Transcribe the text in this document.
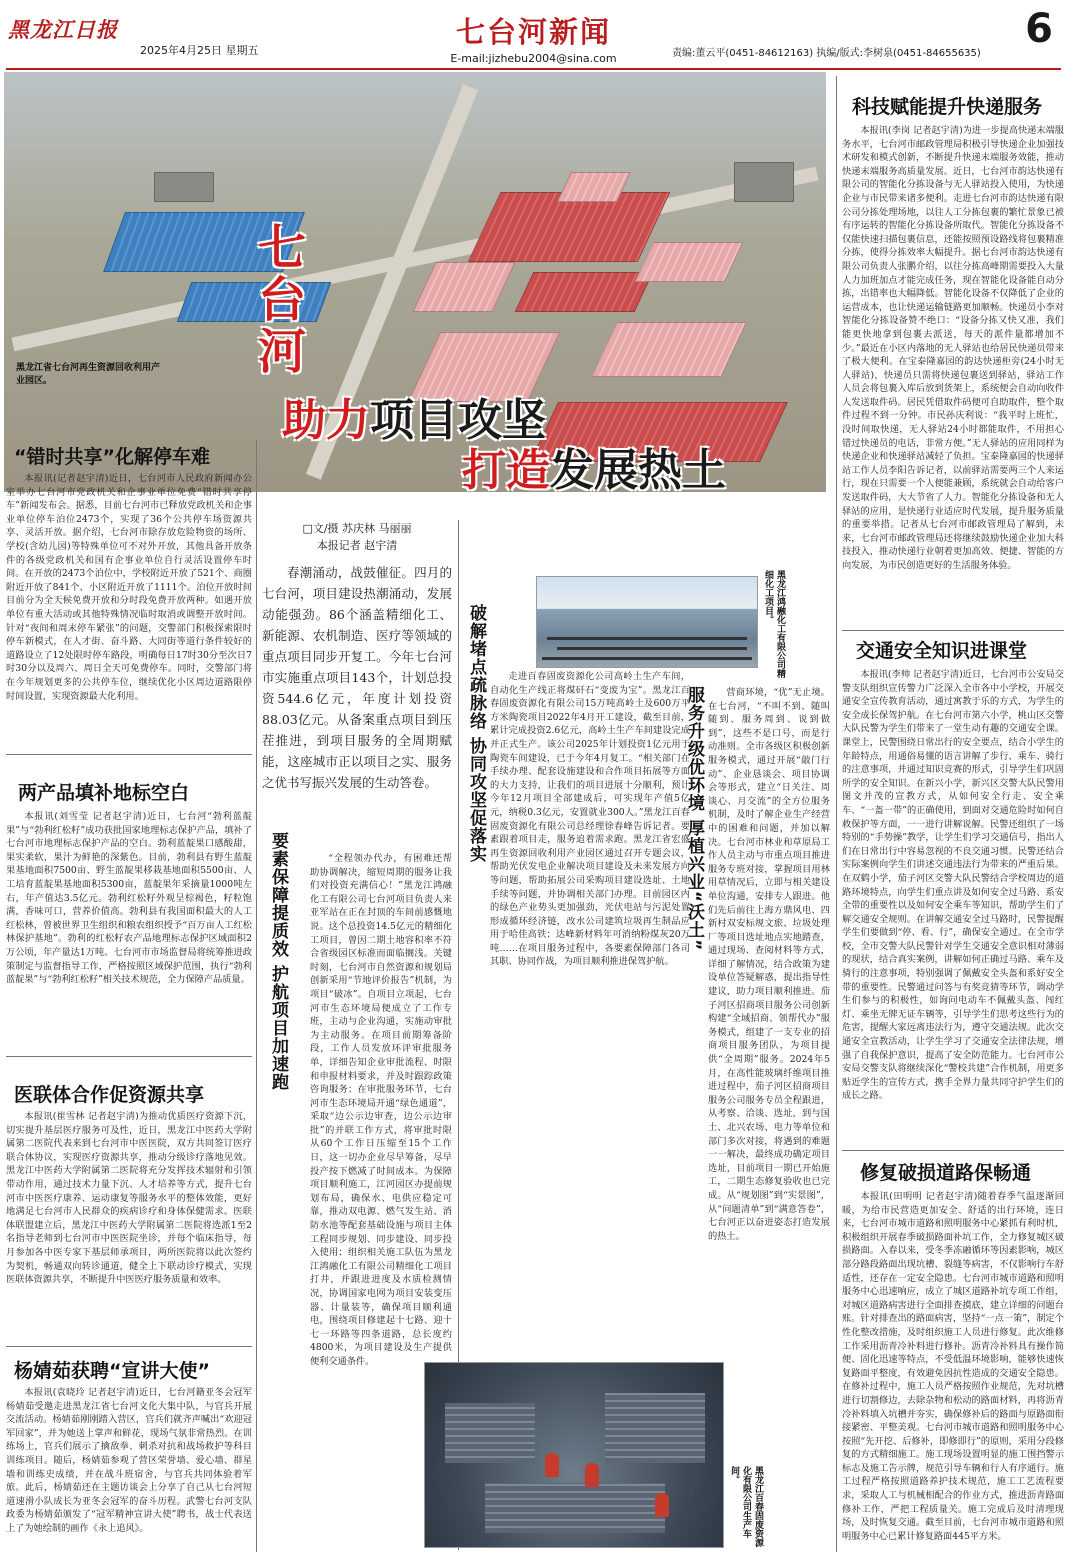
黑龙江日报
2025年4月25日 星期五
七台河新闻
E-mail:jizhebu2004@sina.com	责编:董云平(0451-84612163) 执编/版式:李树泉(0451-84655635)
6
黑龙江省七台河再生资源回收利用产业园区。
七台河
助力项目攻坚
打造发展热土
“错时共享”化解停车难

本报讯(记者赵宇清)近日，七台河市人民政府新闻办公室举办七台河市党政机关和企事业单位免费“错时共享停车”新闻发布会。据悉，目前七台河市已释放党政机关和企事业单位停车泊位2473个，实现了36个公共停车场资源共享、灵活开放。据介绍，七台河市除存放危险物资的场所、学校(含幼儿园)等特殊单位可不对外开放，其他具备开放条件的各级党政机关和国有企事业单位自行灵活设置停车时间。在开放的2473个泊位中，学校附近开放了521个、商圈附近开放了841个、小区附近开放了1111个。泊位开放时间目前分为全天候免费开放和分时段免费开放两种。如遇开放单位有重大活动或其他特殊情况临时取消或调整开放时间。针对“夜间和周末停车紧张”的问题，交警部门积极探索限时停车新模式，在人才街、奋斗路、大同街等道行条件较好的道路设立了12处限时停车路段，明确每日17时30分至次日7时30分以及周六、周日全天可免费停车。同时，交警部门将在今年规划更多的公共停车位，继续优化小区周边道路限停时间设置，实现资源最大化利用。

两产品填补地标空白

本报讯(刘雪莹 记者赵宇清)近日，七台河“勃利蓝靛果”与“勃利红松籽”成功获批国家地理标志保护产品，填补了七台河市地理标志保护产品的空白。勃利蓝靛果口感酸甜，果实柔软，果汁为鲜艳的深紫色。目前，勃利县有野生蓝靛果基地面积7500亩、野生蓝靛果移栽基地面积5500亩、人工培育蓝靛果基地面积5300亩，蓝靛果年采摘量1000吨左右，年产值达3.5亿元。勃利红松籽外观呈棕褐色，籽粒饱满，香味可口，营养价值高。勃利县有我国面积最大的人工红松林，曾被世界卫生组织和粮农组织授予“百万亩人工红松林保护基地”。勃利的红松籽农产品地理标志保护区域面积2万公顷，年产量达1万吨。七台河市市场监督局将统筹推进政策制定与监督指导工作，严格按照区域保护范围，执行“勃利蓝靛果”与“勃利红松籽”相关技术规范，全力保障产品质量。

医联体合作促资源共享

本报讯(崔雪林 记者赵宇清)为推动优质医疗资源下沉，切实提升基层医疗服务可及性，近日，黑龙江中医药大学附属第二医院代表来到七台河市中医医院，双方共同签订医疗联合体协议，实现医疗资源共享，推动分级诊疗落地见效。黑龙江中医药大学附属第二医院将充分发挥技术辐射和引领带动作用，通过技术力量下沉、人才培养等方式，提升七台河市中医医疗康养、运动康复等服务水平的整体效能，更好地满足七台河市人民群众的疾病诊疗和身体保健需求。医联体联盟建立后，黑龙江中医药大学附属第二医院将选派1至2名指导老师到七台河市中医医院坐诊，并每个临床指导，每月参加各中医专家下基层师承项目，两所医院将以此次签约为契机，畅通双向转诊通道，健全上下联动诊疗模式，实现医联体资源共享，不断提升中医医疗服务质量和效率。

杨婧茹获聘“宣讲大使”

本报讯(袁晓玲 记者赵宇清)近日，七台河籍亚冬会冠军杨婧茹受邀走进黑龙江省七台河文化大集中队，与官兵开展交流活动。杨婧茹刚刚踏入营区，官兵们就齐声喊出“欢迎冠军回家”，并为她送上掌声和鲜花，现场气氛非常热烈。在训练场上，官兵们展示了擒敌拳、刺杀对抗和战场救护等科目训练项目。随后，杨婧茹参观了营区荣誉墙、爱心墙、群星墙和训练史成绩，并在战斗班宿舍，与官兵共同体验着军旅。此后，杨婧茹还在主题访谈会上分享了自己从七台河短道速滑小队成长为亚冬会冠军的奋斗历程。武警七台河支队政委为杨婧茹颁发了“冠军精神宣讲大使”聘书，战士代表送上了为她绘制的画作《永上追风》。

□文/摄 苏庆林 马丽丽
本报记者 赵宇清

春潮涌动，战鼓催征。四月的七台河，项目建设热潮涌动，发展动能强劲。86个涵盖精细化工、新能源、农机制造、医疗等领域的重点项目同步开复工。今年七台河市实施重点项目143个，计划总投资544.6亿元，年度计划投资88.03亿元。从备案重点项目到压茬推进，到项目服务的全周期赋能，这座城市正以项目之实、服务之优书写振兴发展的生动答卷。

要素保障提质效 护航项目加速跑	“全程领办代办，有困难还帮助协调解决，缩短周期的服务让我们对投资充满信心！”黑龙江鸿融化工有限公司七台河项目负责人来亚军站在正在封顶的车间前感慨地说。这个总投资14.5亿元的精细化工项目，曾因二期土地容积率不符合省级园区标准而面临搁浅。关键时刻，七台河市自然资源和规划局创新采用“节地评价报告”机制，为项目“破冰”。自项目立项起，七台河市生态环境局便成立了工作专班，主动与企业沟通，实施动审批为主动服务。在项目前期筹备阶段，工作人员发放环评审批服务单，详细告知企业审批流程、时限和申报材料要求，并及时跟踪政策咨询服务；在审批服务环节，七台河市生态环境局开通“绿色通道”，采取“边公示边审查，边公示边审批”的并联工作方式，将审批时限从60个工作日压缩至15个工作日，这一切办企业尽早筹备，尽早投产按下燃减了时间成本。为保障项目顺利施工，江河园区办提前规划布局，确保水、电供应稳定可靠，推动双电源、燃气发生站、消防水池等配套基础设施与项目主体工程同步规划、同步建设、同步投入使用；组织相关施工队伍为黑龙江鸿融化工有限公司精细化工项目打井，并跟进进度及水质检测情况，协调国家电网为项目安装变压器、计量装等，确保项目顺利通电，围绕项目修建起十七路、迎十七一环路等四条道路，总长度约4800米，为项目建设及生产提供便利交通条件。

黑龙江鸿融化工有限公司精细化工项目。
破解堵点疏脉络 协同攻坚促落实	走进百春固废资源化公司高岭土生产车间，自动化生产线正将煤矸石“变废为宝”。黑龙江百春固废资源化有限公司15万吨高岭土及600万平方米陶瓷项目2022年4月开工建设，截至目前，累计完成投资2.6亿元，高岭土生产车间建设完成并正式生产。该公司2025年计划投资1亿元用于陶瓷车间建设，已于今年4月复工。“相关部门在手续办理、配套设施建设和合作项目拓展等方面的大力支持，让我们的项目进展十分顺利，预计今年12月项目全部建成后，可实现年产值5亿元，纳税0.3亿元，安置就业300人。”黑龙江百春固废资源化有限公司总经理徐春峰告诉记者。要素跟着项目走，服务追着需求跑。黑龙江省宏盛再生资源回收利用产业园区通过召开专题会议，帮助光伏发电企业解决项目建设及未来发展方向等问题，帮助拓展公司采购项目建设选址、土地手续等问题，并协调相关部门办理。目前园区内的绿色产业势头更加强劲，光伏电站与污泥处置形成循环经济链，改水公司建筑垃圾再生制品应用于哈佳高铁；达峰新材料年可消纳粉煤灰20万吨……在项目服务过程中，各要素保障部门各司其职、协同作战，为项目顺利推进保驾护航。

服务升级优环境 厚植兴业“沃土”	营商环境，“优”无止境。在七台河，“不叫不到、随叫随到、服务周到、说到做到”，这些不是口号，而是行动准则。全市各级区积极创新服务模式，通过开展“敲门行动”、企业恳谈会、项目协调会等形式，建立“日关注、周谈心、月交流”的全方位服务机制，及时了解企业生产经营中的困难和问题，并加以解决。七台河市林业和草原局工作人员主动与市重点项目推进服务专班对接，掌握项目用林用草情况后，立即与相关建设单位沟通，安排专人跟进。他们先后前往上海方鼎风电、四新村双安标规文旅、垃圾处理厂等项目选址地点实地踏查，通过现场、查阅材料等方式，详细了解情况，结合政策为建设单位答疑解惑，提出指导性建议，助力项目顺利推进。茄子河区招商项目服务公司创新构建“全域招商、领帮代办”服务模式，组建了一支专业的招商项目服务团队，为项目提供“全周期”服务。2024年5月，在高性能玻璃纤维项目推进过程中，茄子河区招商项目服务公司服务专员全程跟进，从考察、洽谈、选址，到与国土、北兴农场、电力等单位和部门多次对接，将遇到的难题一一解决，最终成功确定项目选址，目前项目一期已开始施工，二期生态修复验收也已完成。从“规划图”到“实景图”，从“问题清单”到“满意答卷”，七台河正以奋进姿态打造发展的热土。

黑龙江百春固废资源化有限公司生产车间。
科技赋能提升快递服务

本报讯(李岗 记者赵宇清)为进一步提高快递末端服务水平，七台河市邮政管理局积极引导快递企业加强技术研发和模式创新，不断提升快递末端服务效能，推动快递末端服务高质量发展。近日，七台河市韵达快递有限公司的智能化分拣设备与无人驿站投入使用，为快递企业与市民带来诸多便利。走进七台河市韵达快递有限公司分拣处理场地，以往人工分拣包裹的繁忙景象已被有序运转的智能化分拣设备所取代。智能化分拣设备不仅能快速扫描包裹信息，还能按照预设路线将包裹精准分拣，使得分拣效率大幅提升。据七台河市韵达快递有限公司负责人张鹏介绍，以往分拣高峰期需要投入大量人力加班加点才能完成任务，现在智能化设备能自动分拣，出错率也大幅降低。智能化设备不仅降低了企业的运营成本，也让快递运输链路更加顺畅。快递员小李对智能化分拣设备赞不绝口：“设备分拣又快又准，我们能更快地拿到包裹去派送，每天的派件量都增加不少。”最近在小区内落地的无人驿站也给居民快递员带来了极大便利。在宝泰隆嘉园的韵达快递柜旁(24小时无人驿站)，快递员只需将快递包裹送到驿站，驿站工作人员会将包裹入库后放到货架上，系统便会自动向收件人发送取件码。居民凭借取件码便可自助取件，整个取件过程不到一分钟。市民孙庆利说：“我平时上班忙，没时间取快递，无人驿站24小时都能取件，不用担心错过快递员的电话，非常方便。”无人驿站的应用同样为快递企业和快递驿站减轻了负担。宝泰隆嘉园的快递驿站工作人员李阳告诉记者，以前驿站需要两三个人来运行，现在只需要一个人便能兼顾，系统就会自动给客户发送取件码，大大节省了人力。智能化分拣设备和无人驿站的应用，是快递行业适应时代发展，提升服务质量的重要举措。记者从七台河市邮政管理局了解到，未来，七台河市邮政管理局还将继续鼓励快递企业加大科技投入，推动快递行业朝着更加高效、便捷、智能的方向发展，为市民创造更好的生活服务体验。

交通安全知识进课堂

本报讯(李帅 记者赵宇清)近日，七台河市公安局交警支队组织宣传警力广泛深入全市各中小学校，开展交通安全宣传教育活动，通过寓教于乐的方式，为学生的安全成长保驾护航。在七台河市第六小学，桃山区交警大队民警为学生们带来了一堂生动有趣的交通安全课。课堂上，民警围绕日常出行的安全要点，结合小学生的年龄特点，用通俗易懂的语言讲解了步行、乘车、骑行的注意事项，并通过知识竞赛的形式，引导学生们巩固所学的安全知识。在新兴小学，新兴区交警大队民警用图文并茂的宣教方式，从如何安全行走、安全乘车、“一盔一带”的正确使用，到面对交通危险时如何自救保护等方面，一一进行讲解说解。民警还组织了一场特别的“手势操”教学，让学生们学习交通信号，指出人们在日常出行中容易忽视的不良交通习惯。民警还结合实际案例向学生们讲述交通违法行为带来的严重后果。在双鹤小学，茄子河区交警大队民警结合学校周边的道路环境特点，向学生们重点讲及如何安全过马路、系安全带的重要性以及如何安全乘车等知识，帮助学生们了解交通安全规则。在讲解交通安全过马路时，民警提醒学生们要做到“停、看、行”，确保安全通过。在全市学校，全市交警大队民警针对学生交通安全意识相对薄弱的现状，结合真实案例，讲解如何正确过马路、乘车及骑行的注意事项，特别强调了佩戴安全头盔和系好安全带的重要性。民警通过问答与有奖竞猜等环节，调动学生们参与的积极性，如询问电动车不佩戴头盔、闯红灯、乘坐无牌无证车辆等，引导学生们思考这些行为的危害，提醒大家远离违法行为，遵守交通法规。此次交通安全宣教活动，让学生学习了交通安全法律法规，增强了自我保护意识，提高了安全防范能力。七台河市公安局交警支队将继续深化“警校共建”合作机制，用更多贴近学生的宣传方式，携手全界力量共同守护学生们的成长之路。

修复破损道路保畅通

本报讯(田明明 记者赵宇清)随着春季气温逐渐回暖，为给市民营造更加安全、舒适的出行环境，连日来，七台河市城市道路和照明服务中心紧抓有利时机，积极组织开展春季破损路面补坑工作，全力修复城区破损路面。入春以来，受冬季冻融循环等因素影响，城区部分路段路面出现坑槽、裂缝等病害，不仅影响行车舒适性，还存在一定安全隐患。七台河市城市道路和照明服务中心迅速响应，成立了城区道路补坑专项工作组，对城区道路病害进行全面排查摸底，建立详细的问题台账。针对排查出的路面病害，坚持“一点一策”，制定个性化整改措施，及时组织施工人员进行修复。此次维修工作采用沥青冷补料进行修补。沥青冷补料具有操作简便、固化迅速等特点，不受低温环境影响，能够快速恢复路面平整度，有效避免因抗性造成的交通安全隐患。在修补过程中，施工人员严格按照作业规范，先对坑槽进行切割修边，去除杂物和松动的路面材料，再将沥青冷补料填入坑槽并夯实，确保修补后的路面与原路面衔接紧密、平整美观。七台河市城市道路和照明服务中心按照“先开挖、后修补，即修即行”的原则，采用分段修复的方式精细施工。施工现场设置明显的施工围挡警示标志及施工告示牌，规范引导车辆和行人有序通行。施工过程严格按照道路养护技术规范，施工工艺流程要求，采取人工与机械相配合的作业方式，推进沥青路面修补工作，严把工程质量关。施工完成后及时清理现场，及时恢复交通。截至目前，七台河市城市道路和照明服务中心已累计修复路面445平方米。
